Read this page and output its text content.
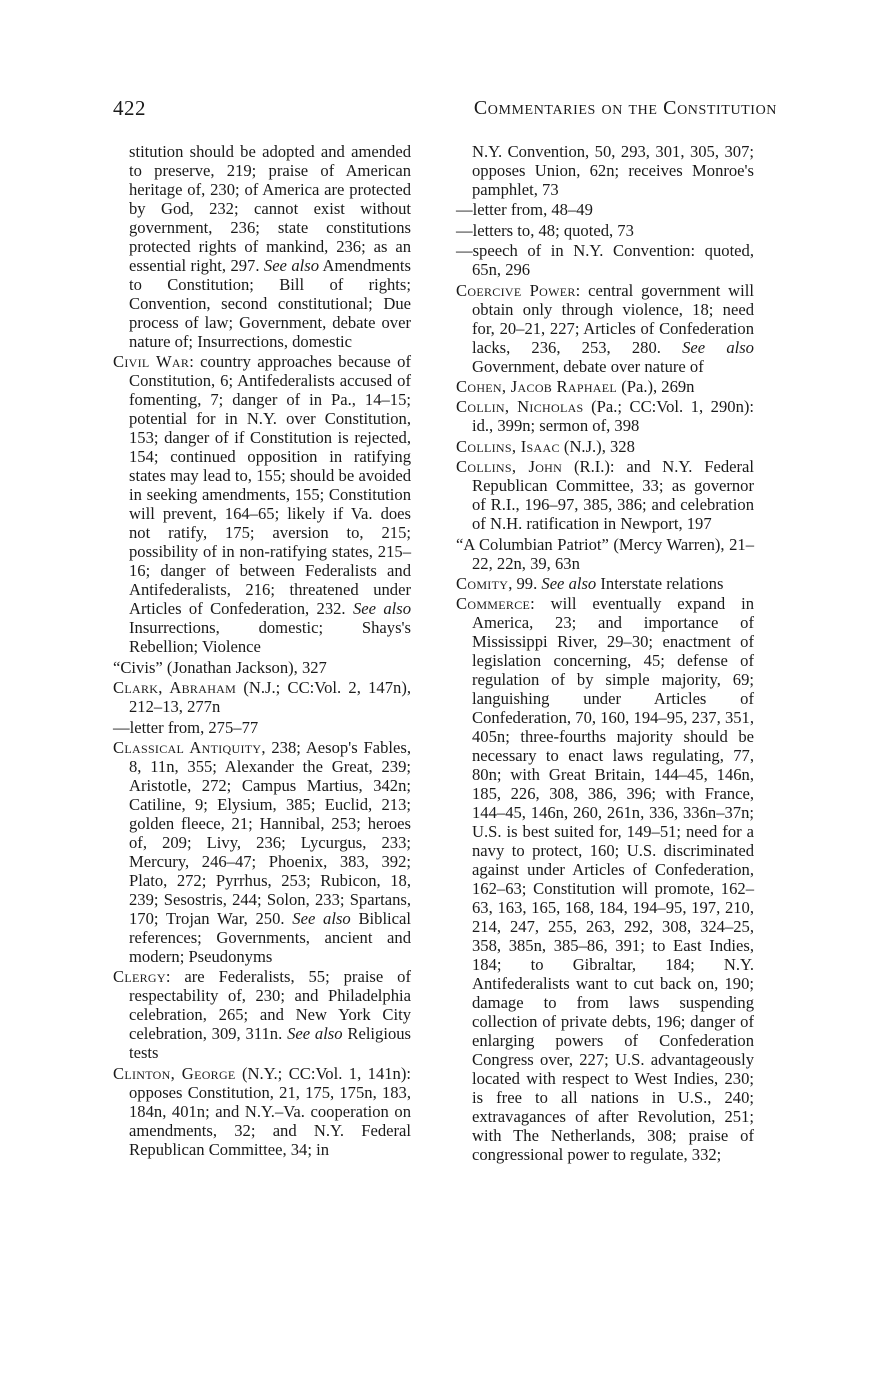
422	Commentaries on the Constitution
stitution should be adopted and amended to preserve, 219; praise of American heritage of, 230; of America are protected by God, 232; cannot exist without government, 236; state constitutions protected rights of mankind, 236; as an essential right, 297. See also Amendments to Constitution; Bill of rights; Convention, second constitutional; Due process of law; Government, debate over nature of; Insurrections, domestic
Civil War: country approaches because of Constitution, 6; Antifederalists accused of fomenting, 7; danger of in Pa., 14–15; potential for in N.Y. over Constitution, 153; danger of if Constitution is rejected, 154; continued opposition in ratifying states may lead to, 155; should be avoided in seeking amendments, 155; Constitution will prevent, 164–65; likely if Va. does not ratify, 175; aversion to, 215; possibility of in non-ratifying states, 215–16; danger of between Federalists and Antifederalists, 216; threatened under Articles of Confederation, 232. See also Insurrections, domestic; Shays's Rebellion; Violence
“Civis” (Jonathan Jackson), 327
Clark, Abraham (N.J.; CC:Vol. 2, 147n), 212–13, 277n
—letter from, 275–77
Classical Antiquity, 238; Aesop's Fables, 8, 11n, 355; Alexander the Great, 239; Aristotle, 272; Campus Martius, 342n; Catiline, 9; Elysium, 385; Euclid, 213; golden fleece, 21; Hannibal, 253; heroes of, 209; Livy, 236; Lycurgus, 233; Mercury, 246–47; Phoenix, 383, 392; Plato, 272; Pyrrhus, 253; Rubicon, 18, 239; Sesostris, 244; Solon, 233; Spartans, 170; Trojan War, 250. See also Biblical references; Governments, ancient and modern; Pseudonyms
Clergy: are Federalists, 55; praise of respectability of, 230; and Philadelphia celebration, 265; and New York City celebration, 309, 311n. See also Religious tests
Clinton, George (N.Y.; CC:Vol. 1, 141n): opposes Constitution, 21, 175, 175n, 183, 184n, 401n; and N.Y.–Va. cooperation on amendments, 32; and N.Y. Federal Republican Committee, 34; in
N.Y. Convention, 50, 293, 301, 305, 307; opposes Union, 62n; receives Monroe's pamphlet, 73
—letter from, 48–49
—letters to, 48; quoted, 73
—speech of in N.Y. Convention: quoted, 65n, 296
Coercive Power: central government will obtain only through violence, 18; need for, 20–21, 227; Articles of Confederation lacks, 236, 253, 280. See also Government, debate over nature of
Cohen, Jacob Raphael (Pa.), 269n
Collin, Nicholas (Pa.; CC:Vol. 1, 290n): id., 399n; sermon of, 398
Collins, Isaac (N.J.), 328
Collins, John (R.I.): and N.Y. Federal Republican Committee, 33; as governor of R.I., 196–97, 385, 386; and celebration of N.H. ratification in Newport, 197
“A Columbian Patriot” (Mercy Warren), 21–22, 22n, 39, 63n
Comity, 99. See also Interstate relations
Commerce: will eventually expand in America, 23; and importance of Mississippi River, 29–30; enactment of legislation concerning, 45; defense of regulation of by simple majority, 69; languishing under Articles of Confederation, 70, 160, 194–95, 237, 351, 405n; three-fourths majority should be necessary to enact laws regulating, 77, 80n; with Great Britain, 144–45, 146n, 185, 226, 308, 386, 396; with France, 144–45, 146n, 260, 261n, 336, 336n–37n; U.S. is best suited for, 149–51; need for a navy to protect, 160; U.S. discriminated against under Articles of Confederation, 162–63; Constitution will promote, 162–63, 163, 165, 168, 184, 194–95, 197, 210, 214, 247, 255, 263, 292, 308, 324–25, 358, 385n, 385–86, 391; to East Indies, 184; to Gibraltar, 184; N.Y. Antifederalists want to cut back on, 190; damage to from laws suspending collection of private debts, 196; danger of enlarging powers of Confederation Congress over, 227; U.S. advantageously located with respect to West Indies, 230; is free to all nations in U.S., 240; extravagances of after Revolution, 251; with The Netherlands, 308; praise of congressional power to regulate, 332;
